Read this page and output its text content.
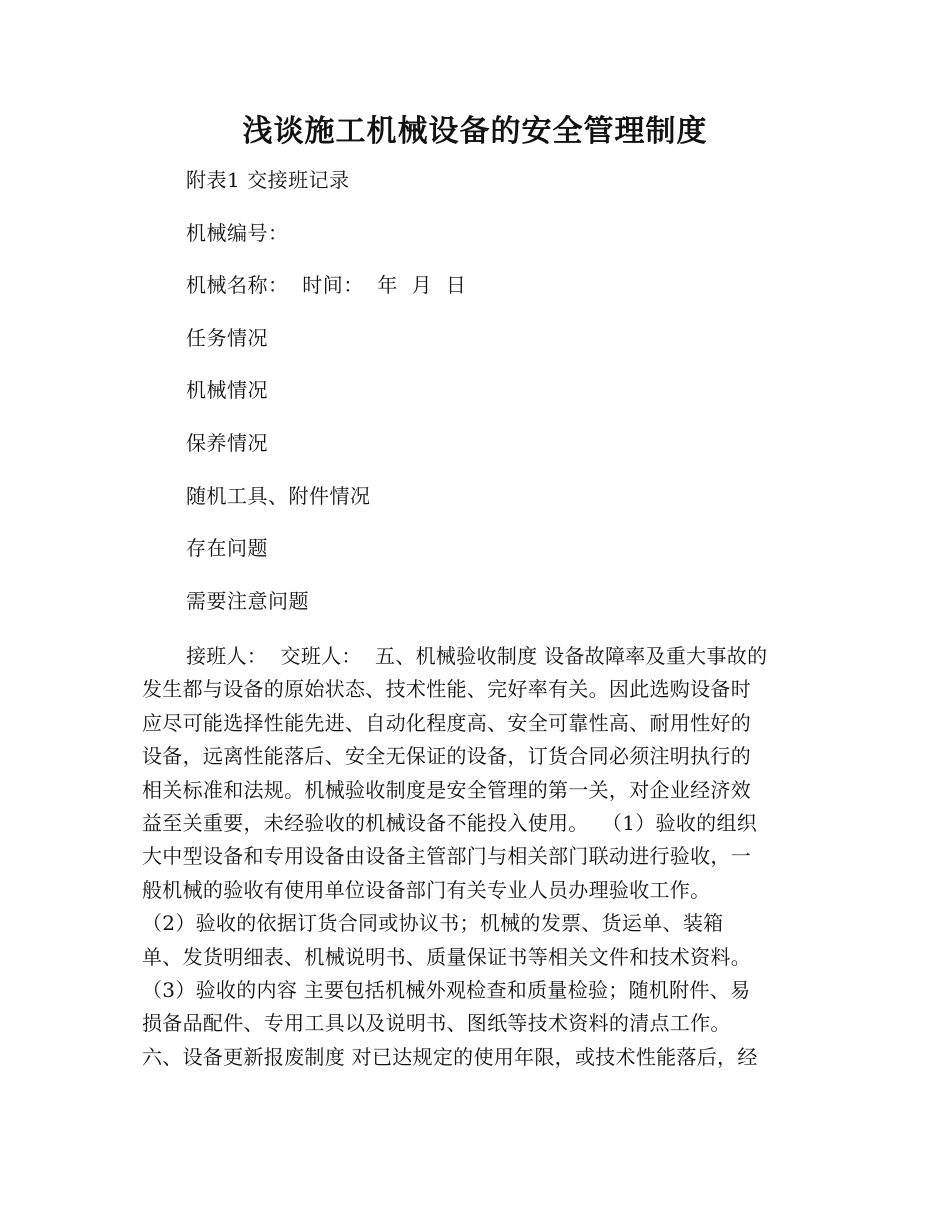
浅谈施工机械设备的安全管理制度
附表1 交接班记录
机械编号：
机械名称：  时间：  年  月  日
任务情况
机械情况
保养情况
随机工具、附件情况
存在问题
需要注意问题
接班人：  交班人：  五、机械验收制度 设备故障率及重大事故的
发生都与设备的原始状态、技术性能、完好率有关。因此选购设备时
应尽可能选择性能先进、自动化程度高、安全可靠性高、耐用性好的
设备，远离性能落后、安全无保证的设备，订货合同必须注明执行的
相关标准和法规。机械验收制度是安全管理的第一关，对企业经济效
益至关重要，未经验收的机械设备不能投入使用。  （1）验收的组织
大中型设备和专用设备由设备主管部门与相关部门联动进行验收，一
般机械的验收有使用单位设备部门有关专业人员办理验收工作。
（2）验收的依据订货合同或协议书；机械的发票、货运单、装箱
单、发货明细表、机械说明书、质量保证书等相关文件和技术资料。
（3）验收的内容 主要包括机械外观检查和质量检验；随机附件、易
损备品配件、专用工具以及说明书、图纸等技术资料的清点工作。
六、设备更新报废制度 对已达规定的使用年限，或技术性能落后，经
